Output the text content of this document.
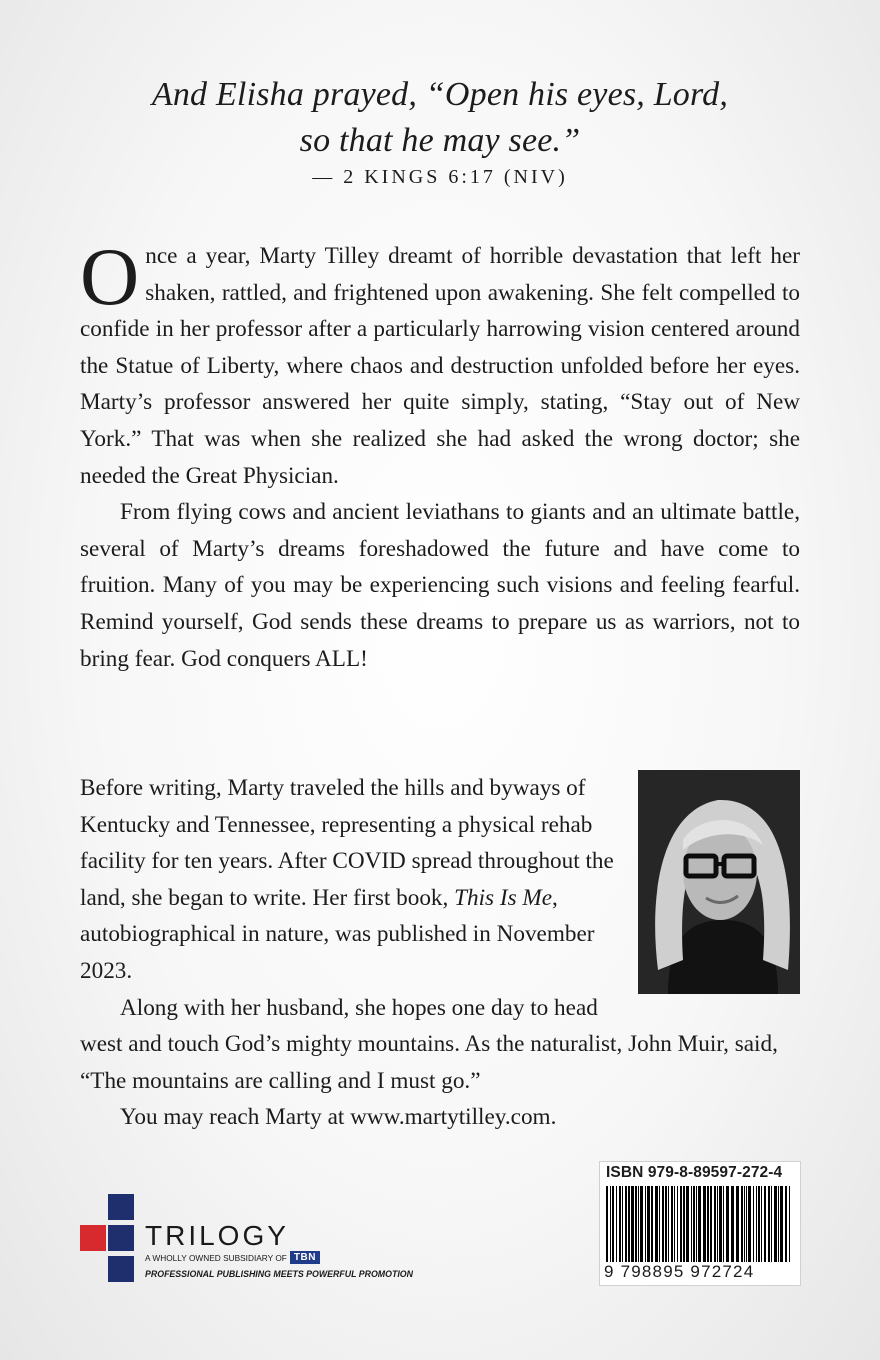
And Elisha prayed, “Open his eyes, Lord,
so that he may see.”
— 2 KINGS 6:17 (NIV)

Once a year, Marty Tilley dreamt of horrible devastation that left her shaken, rattled, and frightened upon awakening. She felt compelled to confide in her professor after a particularly harrowing vision centered around the Statue of Liberty, where chaos and destruction unfolded before her eyes. Marty’s professor answered her quite simply, stating, “Stay out of New York.” That was when she realized she had asked the wrong doctor; she needed the Great Physician.

From flying cows and ancient leviathans to giants and an ultimate battle, several of Marty’s dreams foreshadowed the future and have come to fruition. Many of you may be experiencing such visions and feeling fearful. Remind yourself, God sends these dreams to prepare us as warriors, not to bring fear. God conquers ALL!

Before writing, Marty traveled the hills and byways of Kentucky and Tennessee, representing a physical rehab facility for ten years. After COVID spread throughout the land, she began to write. Her first book, This Is Me, autobiographical in nature, was published in November 2023.

Along with her husband, she hopes one day to head west and touch God’s mighty mountains. As the naturalist, John Muir, said, “The mountains are calling and I must go.”

You may reach Marty at www.martytilley.com.

ISBN 979-8-89597-272-4
9 798895 972724
TRILOGY
A WHOLLY OWNED SUBSIDIARY OF TBN
PROFESSIONAL PUBLISHING MEETS POWERFUL PROMOTION
